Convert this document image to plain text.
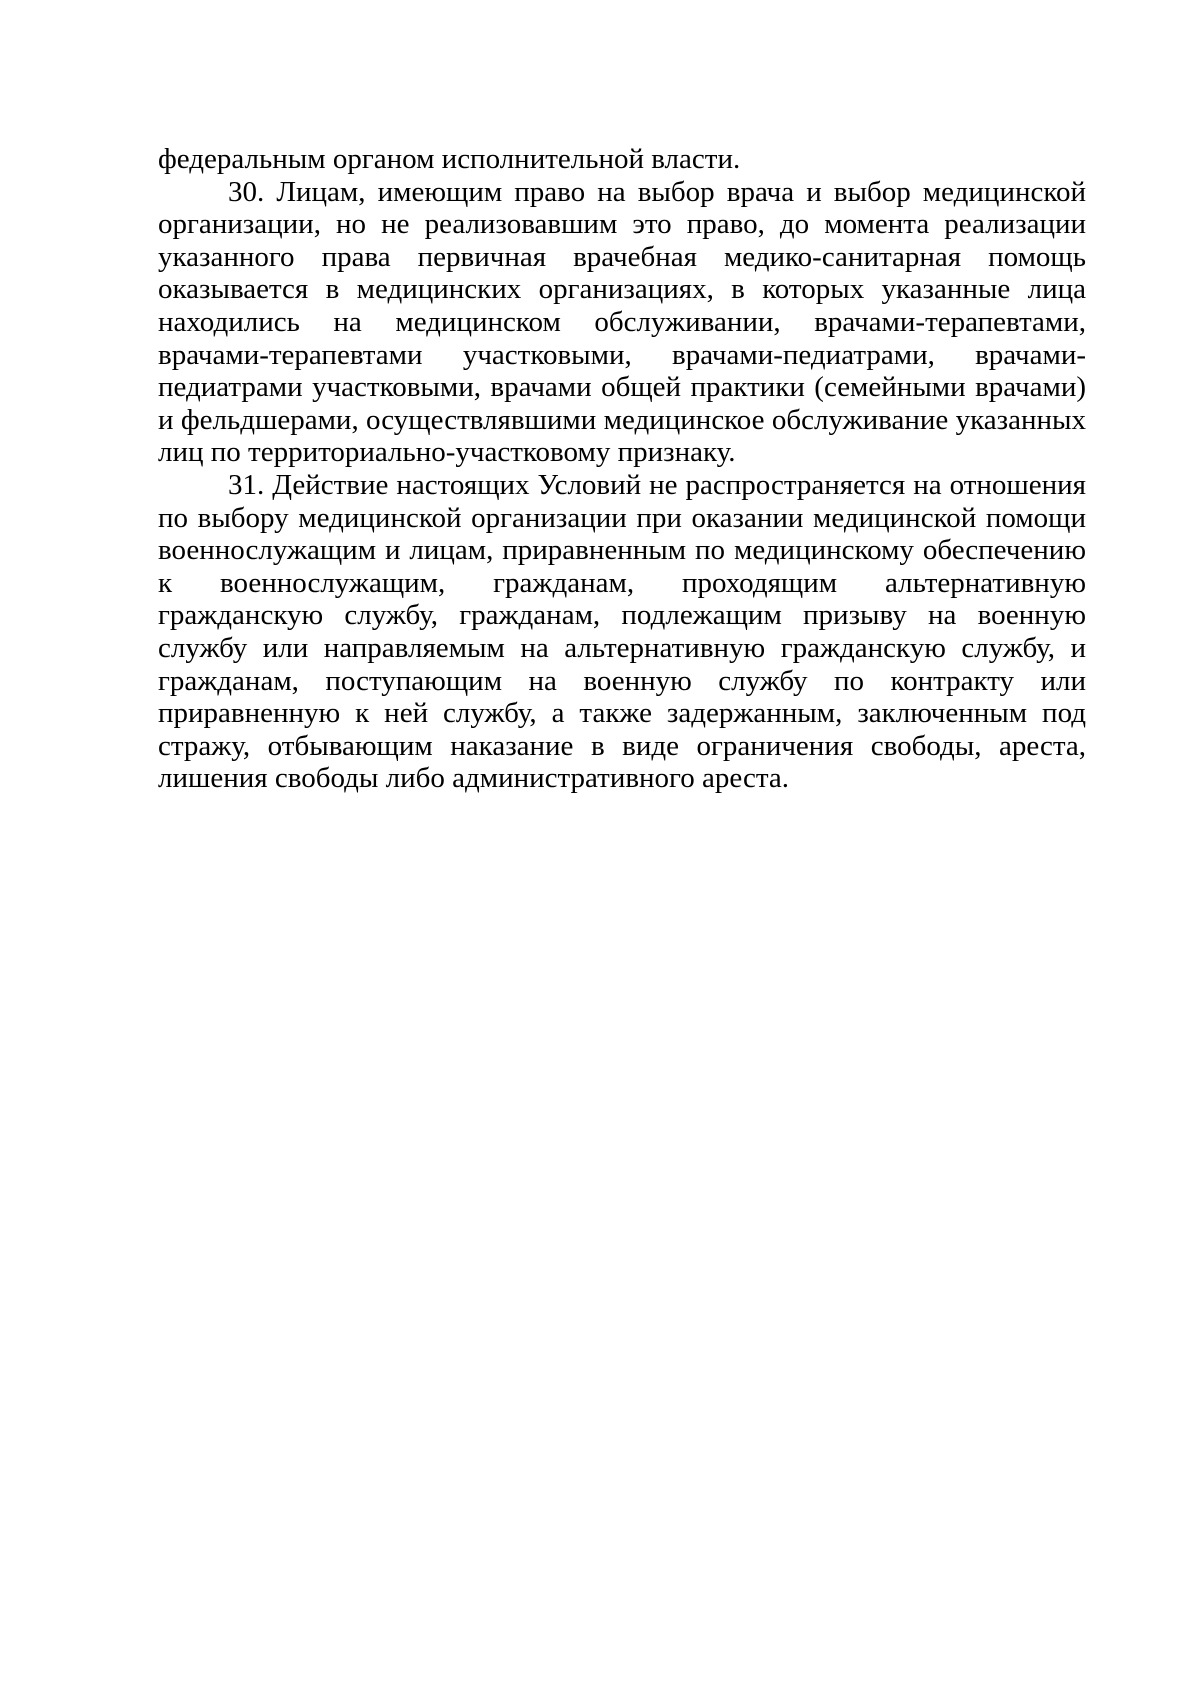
федеральным органом исполнительной власти.

30. Лицам, имеющим право на выбор врача и выбор медицинской организации, но не реализовавшим это право, до момента реализации указанного права первичная врачебная медико-санитарная помощь оказывается в медицинских организациях, в которых указанные лица находились на медицинском обслуживании, врачами-терапевтами, врачами-терапевтами участковыми, врачами-педиатрами, врачами-педиатрами участковыми, врачами общей практики (семейными врачами) и фельдшерами, осуществлявшими медицинское обслуживание указанных лиц по территориально-участковому признаку.

31. Действие настоящих Условий не распространяется на отношения по выбору медицинской организации при оказании медицинской помощи военнослужащим и лицам, приравненным по медицинскому обеспечению к военнослужащим, гражданам, проходящим альтернативную гражданскую службу, гражданам, подлежащим призыву на военную службу или направляемым на альтернативную гражданскую службу, и гражданам, поступающим на военную службу по контракту или приравненную к ней службу, а также задержанным, заключенным под стражу, отбывающим наказание в виде ограничения свободы, ареста, лишения свободы либо административного ареста.
